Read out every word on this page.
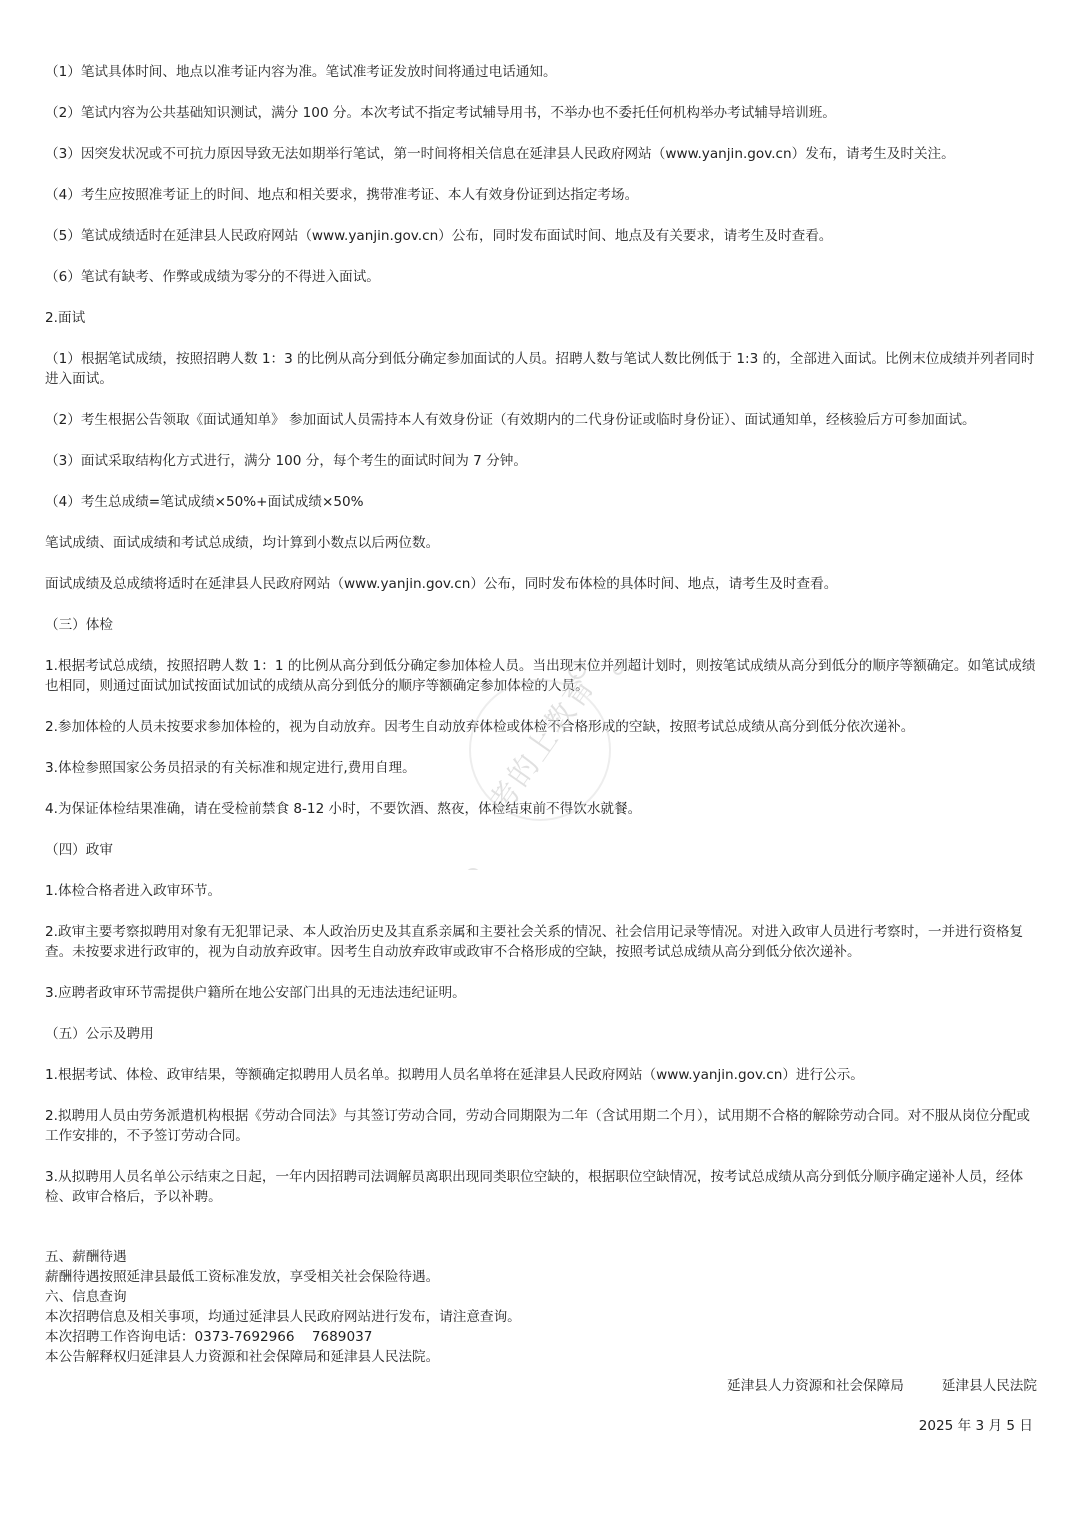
（1）笔试具体时间、地点以准考证内容为准。笔试准考证发放时间将通过电话通知。

（2）笔试内容为公共基础知识测试，满分 100 分。本次考试不指定考试辅导用书，不举办也不委托任何机构举办考试辅导培训班。

（3）因突发状况或不可抗力原因导致无法如期举行笔试，第一时间将相关信息在延津县人民政府网站（www.yanjin.gov.cn）发布，请考生及时关注。

（4）考生应按照准考证上的时间、地点和相关要求，携带准考证、本人有效身份证到达指定考场。

（5）笔试成绩适时在延津县人民政府网站（www.yanjin.gov.cn）公布，同时发布面试时间、地点及有关要求，请考生及时查看。

（6）笔试有缺考、作弊或成绩为零分的不得进入面试。

2.面试

（1）根据笔试成绩，按照招聘人数 1：3 的比例从高分到低分确定参加面试的人员。招聘人数与笔试人数比例低于 1:3 的，全部进入面试。比例末位成绩并列者同时进入面试。

（2）考生根据公告领取《面试通知单》 参加面试人员需持本人有效身份证（有效期内的二代身份证或临时身份证）、面试通知单，经核验后方可参加面试。

（3）面试采取结构化方式进行，满分 100 分，每个考生的面试时间为 7 分钟。

（4）考生总成绩=笔试成绩×50%+面试成绩×50%

笔试成绩、面试成绩和考试总成绩，均计算到小数点以后两位数。

面试成绩及总成绩将适时在延津县人民政府网站（www.yanjin.gov.cn）公布，同时发布体检的具体时间、地点，请考生及时查看。

（三）体检

1.根据考试总成绩，按照招聘人数 1：1 的比例从高分到低分确定参加体检人员。当出现末位并列超计划时，则按笔试成绩从高分到低分的顺序等额确定。如笔试成绩也相同，则通过面试加试按面试加试的成绩从高分到低分的顺序等额确定参加体检的人员。

2.参加体检的人员未按要求参加体检的，视为自动放弃。因考生自动放弃体检或体检不合格形成的空缺，按照考试总成绩从高分到低分依次递补。

3.体检参照国家公务员招录的有关标准和规定进行,费用自理。

4.为保证体检结果准确，请在受检前禁食 8-12 小时，不要饮酒、熬夜，体检结束前不得饮水就餐。

（四）政审

1.体检合格者进入政审环节。

2.政审主要考察拟聘用对象有无犯罪记录、本人政治历史及其直系亲属和主要社会关系的情况、社会信用记录等情况。对进入政审人员进行考察时，一并进行资格复查。未按要求进行政审的，视为自动放弃政审。因考生自动放弃政审或政审不合格形成的空缺，按照考试总成绩从高分到低分依次递补。

3.应聘者政审环节需提供户籍所在地公安部门出具的无违法违纪证明。

（五）公示及聘用

1.根据考试、体检、政审结果，等额确定拟聘用人员名单。拟聘用人员名单将在延津县人民政府网站（www.yanjin.gov.cn）进行公示。

2.拟聘用人员由劳务派遣机构根据《劳动合同法》与其签订劳动合同，劳动合同期限为二年（含试用期二个月），试用期不合格的解除劳动合同。对不服从岗位分配或工作安排的，不予签订劳动合同。

3.从拟聘用人员名单公示结束之日起，一年内因招聘司法调解员离职出现同类职位空缺的，根据职位空缺情况，按考试总成绩从高分到低分顺序确定递补人员，经体检、政审合格后，予以补聘。

五、薪酬待遇

薪酬待遇按照延津县最低工资标准发放，享受相关社会保险待遇。

六、信息查询

本次招聘信息及相关事项，均通过延津县人民政府网站进行发布，请注意查询。

本次招聘工作咨询电话：0373-7692966    7689037

本公告解释权归延津县人力资源和社会保障局和延津县人民法院。

延津县人力资源和社会保障局	延津县人民法院
2025 年 3 月 5 日
考的上教育
